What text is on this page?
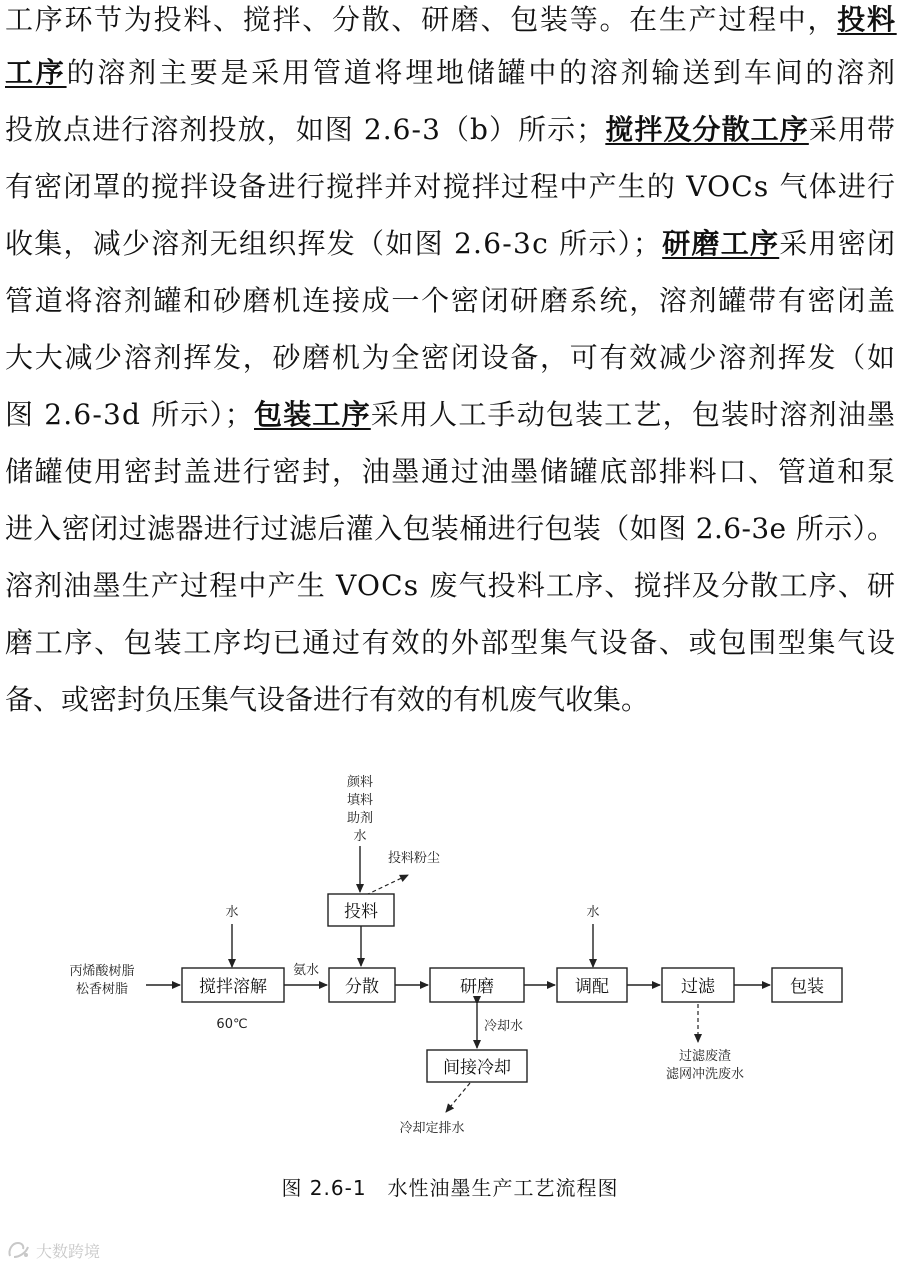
工序环节为投料、搅拌、分散、研磨、包装等。在生产过程中，投料
工序的溶剂主要是采用管道将埋地储罐中的溶剂输送到车间的溶剂
投放点进行溶剂投放，如图 2.6-3（b）所示；搅拌及分散工序采用带
有密闭罩的搅拌设备进行搅拌并对搅拌过程中产生的 VOCs 气体进行
收集，减少溶剂无组织挥发（如图 2.6-3c 所示）；研磨工序采用密闭
管道将溶剂罐和砂磨机连接成一个密闭研磨系统，溶剂罐带有密闭盖
大大减少溶剂挥发，砂磨机为全密闭设备，可有效减少溶剂挥发（如
图 2.6-3d 所示）；包装工序采用人工手动包装工艺，包装时溶剂油墨
储罐使用密封盖进行密封，油墨通过油墨储罐底部排料口、管道和泵
进入密闭过滤器进行过滤后灌入包装桶进行包装（如图 2.6-3e 所示）。
溶剂油墨生产过程中产生 VOCs 废气投料工序、搅拌及分散工序、研
磨工序、包装工序均已通过有效的外部型集气设备、或包围型集气设
备、或密封负压集气设备进行有效的有机废气收集。
颜料
填料
助剂
水
投料粉尘
投料
水
丙烯酸树脂
松香树脂	搅拌溶解
60℃
氨水
分散	研磨
冷却水
间接冷却
冷却定排水
水
调配	过滤
过滤废渣
滤网冲洗废水
包装
图 2.6-1　水性油墨生产工艺流程图
大数跨境
